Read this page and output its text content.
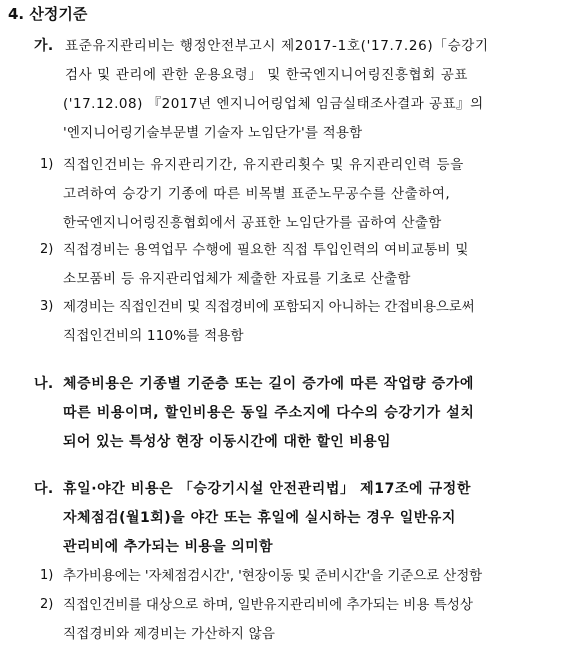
4. 산정기준
가. 표준유지관리비는 행정안전부고시 제2017-1호('17.7.26)「승강기
검사 및 관리에 관한 운용요령」 및 한국엔지니어링진흥협회 공표
('17.12.08) 『2017년 엔지니어링업체 임금실태조사결과 공표』의
'엔지니어링기술부문별 기술자 노임단가'를 적용함
1) 직접인건비는 유지관리기간, 유지관리횟수 및 유지관리인력 등을
고려하여 승강기 기종에 따른 비목별 표준노무공수를 산출하여,
한국엔지니어링진흥협회에서 공표한 노임단가를 곱하여 산출함
2) 직접경비는 용역업무 수행에 필요한 직접 투입인력의 여비교통비 및
소모품비 등 유지관리업체가 제출한 자료를 기초로 산출함
3) 제경비는 직접인건비 및 직접경비에 포함되지 아니하는 간접비용으로써
직접인건비의 110%를 적용함
나. 체증비용은 기종별 기준층 또는 길이 증가에 따른 작업량 증가에
따른 비용이며, 할인비용은 동일 주소지에 다수의 승강기가 설치
되어 있는 특성상 현장 이동시간에 대한 할인 비용임
다. 휴일·야간 비용은 「승강기시설 안전관리법」 제17조에 규정한
자체점검(월1회)을 야간 또는 휴일에 실시하는 경우 일반유지
관리비에 추가되는 비용을 의미함
1) 추가비용에는 '자체점검시간', '현장이동 및 준비시간'을 기준으로 산정함
2) 직접인건비를 대상으로 하며, 일반유지관리비에 추가되는 비용 특성상
직접경비와 제경비는 가산하지 않음
